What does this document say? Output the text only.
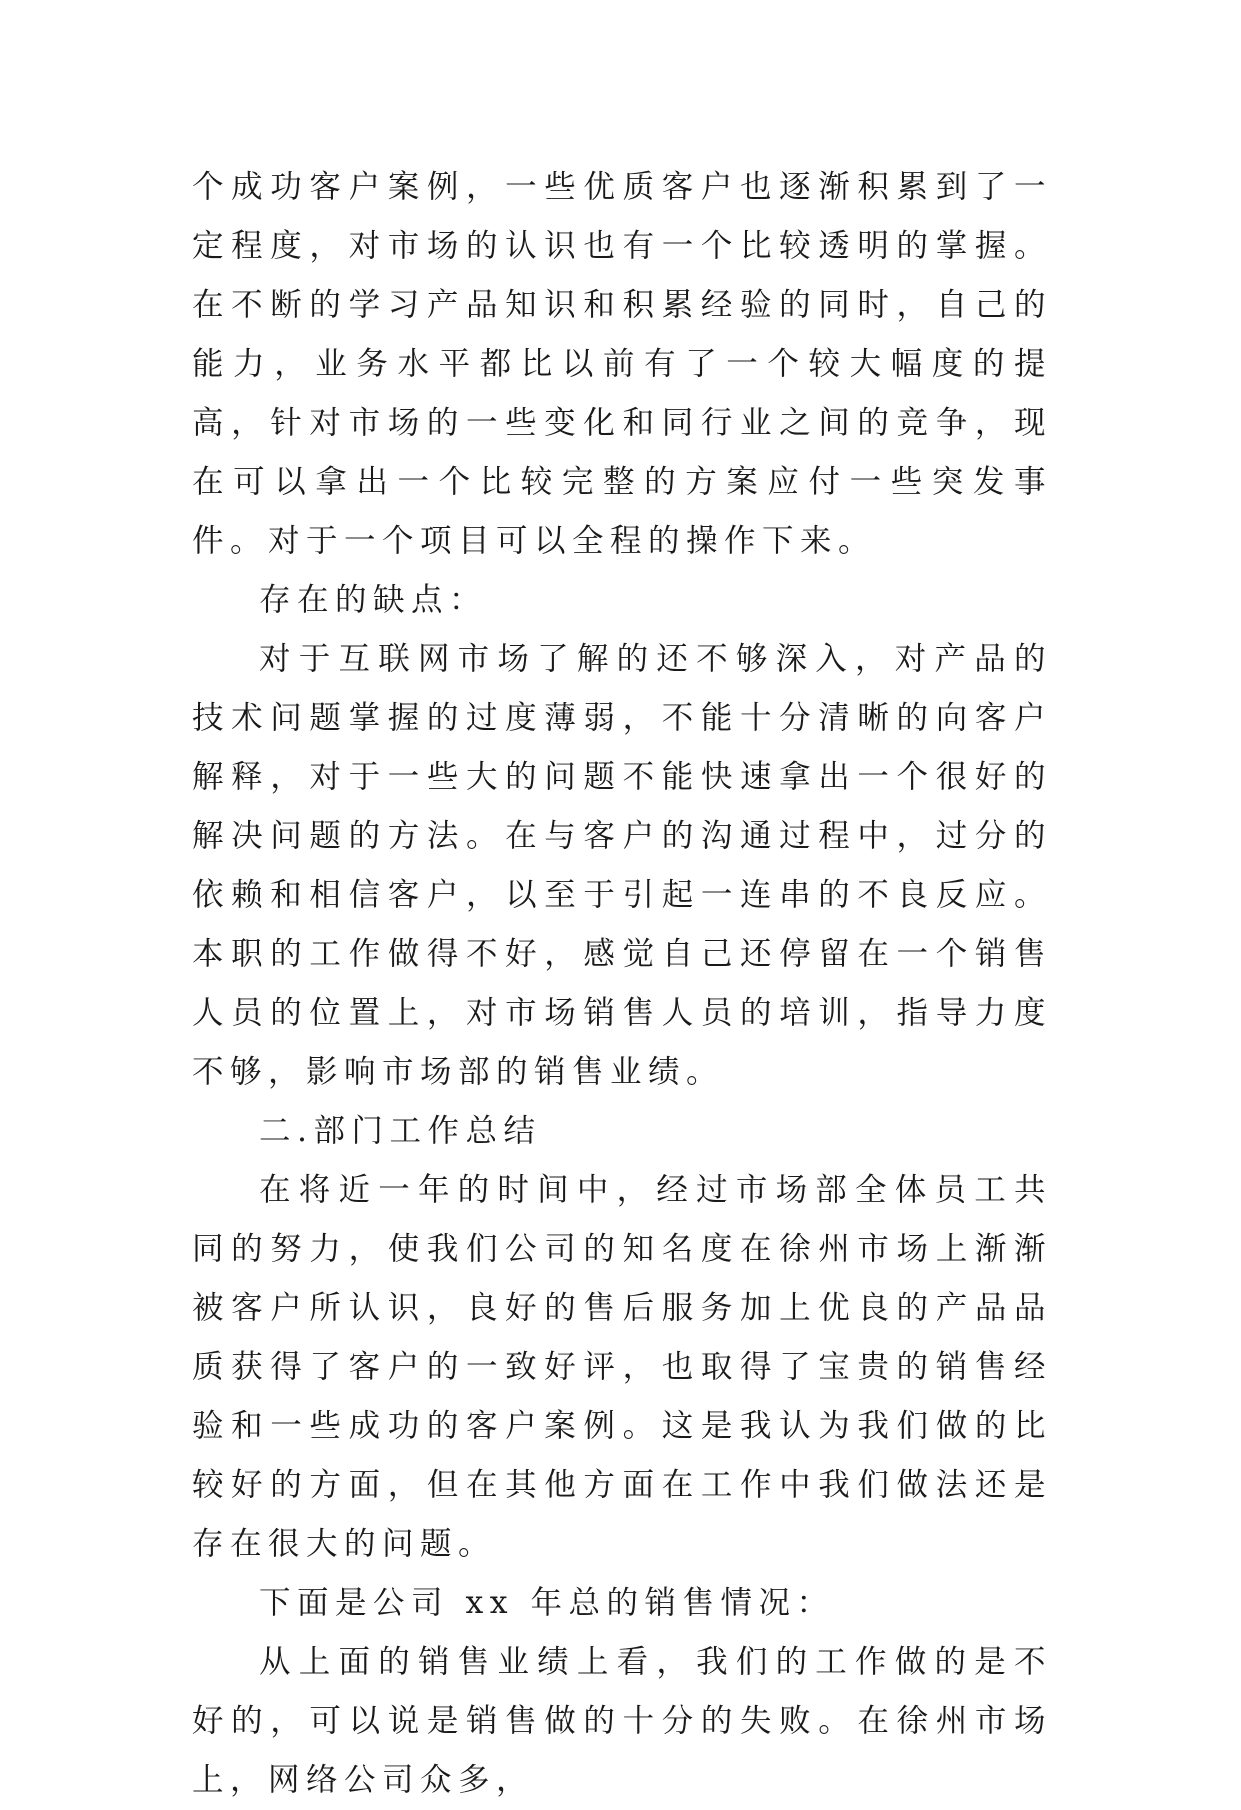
个成功客户案例，一些优质客户也逐渐积累到了一定程度，对市场的认识也有一个比较透明的掌握。在不断的学习产品知识和积累经验的同时，自己的能力，业务水平都比以前有了一个较大幅度的提高，针对市场的一些变化和同行业之间的竞争，现在可以拿出一个比较完整的方案应付一些突发事件。对于一个项目可以全程的操作下来。

存在的缺点：

对于互联网市场了解的还不够深入，对产品的技术问题掌握的过度薄弱，不能十分清晰的向客户解释，对于一些大的问题不能快速拿出一个很好的解决问题的方法。在与客户的沟通过程中，过分的依赖和相信客户，以至于引起一连串的不良反应。本职的工作做得不好，感觉自己还停留在一个销售人员的位置上，对市场销售人员的培训，指导力度不够，影响市场部的销售业绩。

二.部门工作总结

在将近一年的时间中，经过市场部全体员工共同的努力，使我们公司的知名度在徐州市场上渐渐被客户所认识，良好的售后服务加上优良的产品品质获得了客户的一致好评，也取得了宝贵的销售经验和一些成功的客户案例。这是我认为我们做的比较好的方面，但在其他方面在工作中我们做法还是存在很大的问题。

下面是公司 xx 年总的销售情况：

从上面的销售业绩上看，我们的工作做的是不好的，可以说是销售做的十分的失败。在徐州市场上，网络公司众多，
